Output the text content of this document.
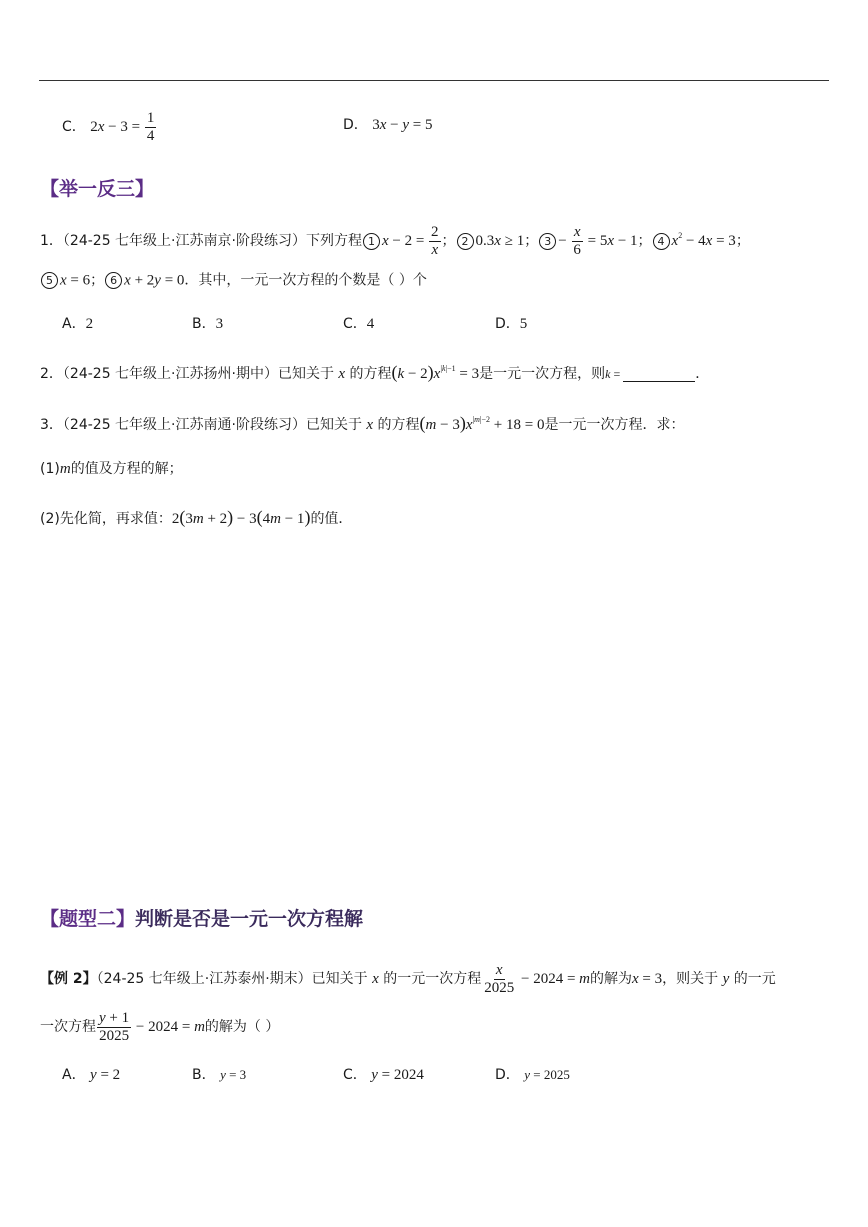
C． $2x - 3 = \frac{1}{4}$	D． 3x − y = 5
【举一反三】
1．（24-25 七年级上·江苏南京·阶段练习）下列方程 1 $x - 2 = \frac{2}{x}$ ； 2 0.3x ≥ 1； $3 - \frac{x}{6} = 5x - 1$； 4 $x^2 - 4x = 3$；
5 x = 6； 6 x + 2y = 0．其中，一元一次方程的个数是（ ）个
A．2	B．3	C．4	D．5
2．（24-25 七年级上·江苏扬州·期中）已知关于 x 的方程$(k - 2)x^{|k|-1} = 3$是一元一次方程，则k =	．
3．（24-25 七年级上·江苏南通·阶段练习）已知关于 x 的方程$(m - 3)x^{|m|-2} + 18 = 0$是一元一次方程．求：
(1)m的值及方程的解；
(2)先化简，再求值：2(3m + 2) − 3(4m − 1)的值．
【题型二】判断是否是一元一次方程解
【例 2】（24-25 七年级上·江苏泰州·期末）已知关于 x 的一元一次方程 $\frac{x}{2025} - 2024 = m$的解为x = 3，则关于 y 的一元
一次方程 $\frac{y + 1}{2025} - 2024 = m$的解为（ ）
A． y = 2	B． y = 3	C． y = 2024	D． y = 2025
